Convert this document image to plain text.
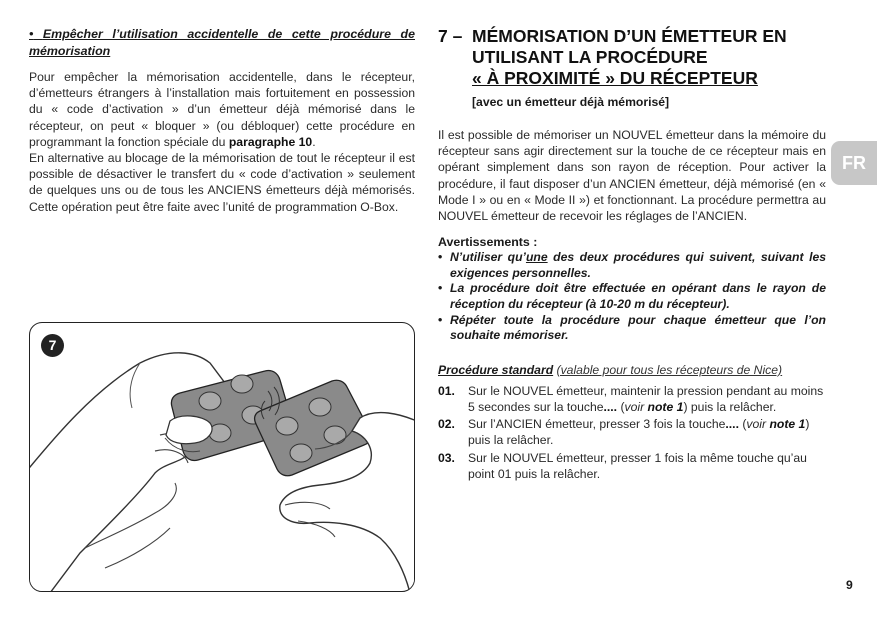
• Empêcher l’utilisation accidentelle de cette procédure de mémorisation

Pour empêcher la mémorisation accidentelle, dans le récepteur, d’émetteurs étrangers à l’installation mais fortuitement en possession du « code d’activation » d’un émetteur déjà mémorisé dans le récepteur, on peut « bloquer » (ou débloquer) cette procédure en programmant la fonction spéciale du paragraphe 10.

En alternative au blocage de la mémorisation de tout le récepteur il est possible de désactiver le transfert du « code d’activation » seulement de quelques uns ou de tous les ANCIENS émetteurs déjà mémorisés. Cette opération peut être faite avec l’unité de programmation O-Box.

7
7 – MÉMORISATION D’UN ÉMETTEUR EN
UTILISANT LA PROCÉDURE
« À PROXIMITÉ » DU RÉCEPTEUR

[avec un émetteur déjà mémorisé]

Il est possible de mémoriser un NOUVEL émetteur dans la mémoire du récepteur sans agir directement sur la touche de ce récepteur mais en opérant simplement dans son rayon de réception. Pour activer la procédure, il faut disposer d’un ANCIEN émetteur, déjà mémorisé (en « Mode I » ou en « Mode II ») et fonctionnant. La procédure permettra au NOUVEL émetteur de recevoir les réglages de l’ANCIEN.

Avertissements :

• N’utiliser qu’une des deux procédures qui suivent, suivant les exigences personnelles.
• La procédure doit être effectuée en opérant dans le rayon de réception du récepteur (à 10-20 m du récepteur).
• Répéter toute la procédure pour chaque émetteur que l’on souhaite mémoriser.

Procédure standard (valable pour tous les récepteurs de Nice)

01.	Sur le NOUVEL émetteur, maintenir la pression pendant au moins 5 secondes sur la touche.... (voir note 1) puis la relâcher.
02.	Sur l’ANCIEN émetteur, presser 3 fois la touche.... (voir note 1) puis la relâcher.
03.	Sur le NOUVEL émetteur, presser 1 fois la même touche qu’au point 01 puis la relâcher.
FR
9
